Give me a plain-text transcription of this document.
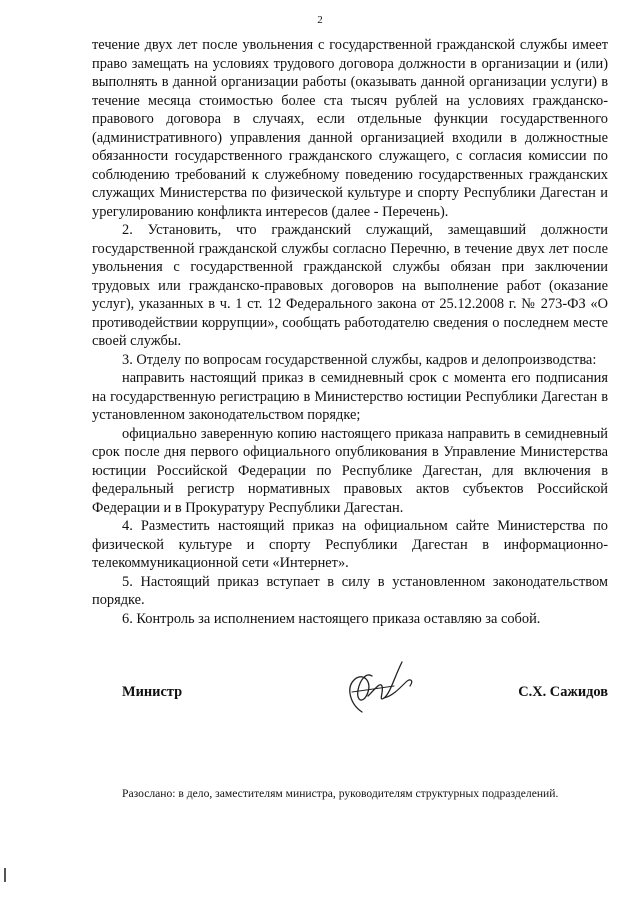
2

течение двух лет после увольнения с государственной гражданской службы имеет право замещать на условиях трудового договора должности в организации и (или) выполнять в данной организации работы (оказывать данной организации услуги) в течение месяца стоимостью более ста тысяч рублей на условиях гражданско-правового договора в случаях, если отдельные функции государственного (административного) управления данной организацией входили в должностные обязанности государственного гражданского служащего, с согласия комиссии по соблюдению требований к служебному поведению государственных гражданских служащих Министерства по физической культуре и спорту Республики Дагестан и урегулированию конфликта интересов (далее - Перечень).

2. Установить, что гражданский служащий, замещавший должности государственной гражданской службы согласно Перечню, в течение двух лет после увольнения с государственной гражданской службы обязан при заключении трудовых или гражданско-правовых договоров на выполнение работ (оказание услуг), указанных в ч. 1 ст. 12 Федерального закона от 25.12.2008 г. № 273-ФЗ «О противодействии коррупции», сообщать работодателю сведения о последнем месте своей службы.

3. Отделу по вопросам государственной службы, кадров и делопроизводства:

направить настоящий приказ в семидневный срок с момента его подписания на государственную регистрацию в Министерство юстиции Республики Дагестан в установленном законодательством порядке;

официально заверенную копию настоящего приказа направить в семидневный срок после дня первого официального опубликования в Управление Министерства юстиции Российской Федерации по Республике Дагестан, для включения в федеральный регистр нормативных правовых актов субъектов Российской Федерации и в Прокуратуру Республики Дагестан.

4. Разместить настоящий приказ на официальном сайте Министерства по физической культуре и спорту Республики Дагестан в информационно-телекоммуникационной сети «Интернет».

5. Настоящий приказ вступает в силу в установленном законодательством порядке.

6. Контроль за исполнением настоящего приказа оставляю за собой.

Министр	С.Х. Сажидов
Разослано: в дело, заместителям министра, руководителям структурных подразделений.
